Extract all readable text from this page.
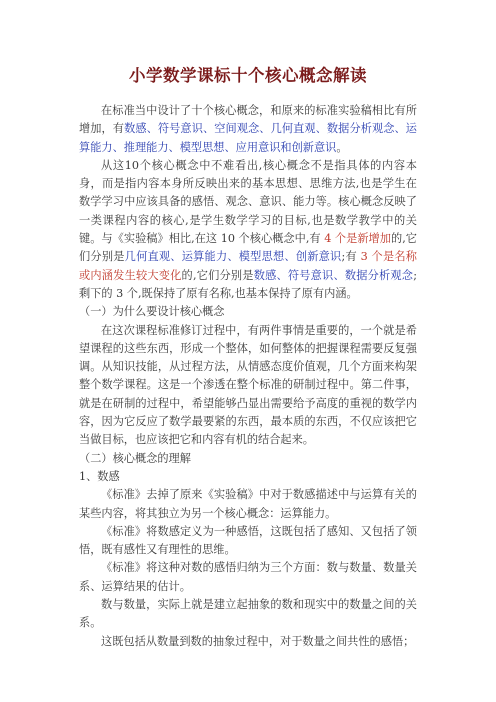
小学数学课标十个核心概念解读

在标准当中设计了十个核心概念，和原来的标准实验稿相比有所增加，有数感、符号意识、空间观念、几何直观、数据分析观念、运算能力、推理能力、模型思想、应用意识和创新意识。

从这10个核心概念中不难看出,核心概念不是指具体的内容本身，而是指内容本身所反映出来的基本思想、思维方法,也是学生在数学学习中应该具备的感悟、观念、意识、能力等。核心概念反映了一类课程内容的核心,是学生数学学习的目标,也是数学教学中的关键。与《实验稿》相比,在这 10 个核心概念中,有 4 个是新增加的,它们分别是几何直观、运算能力、模型思想、创新意识;有 3 个是名称或内涵发生较大变化的,它们分别是数感、符号意识、数据分析观念;剩下的 3 个,既保持了原有名称,也基本保持了原有内涵。

（一）为什么要设计核心概念

在这次课程标准修订过程中，有两件事情是重要的，一个就是希望课程的这些东西，形成一个整体，如何整体的把握课程需要反复强调。从知识技能，从过程方法，从情感态度价值观，几个方面来构架整个数学课程。这是一个渗透在整个标准的研制过程中。第二件事，就是在研制的过程中，希望能够凸显出需要给予高度的重视的数学内容，因为它反应了数学最要紧的东西，最本质的东西，不仅应该把它当做目标，也应该把它和内容有机的结合起来。

（二）核心概念的理解

1、数感

《标准》去掉了原来《实验稿》中对于数感描述中与运算有关的某些内容，将其独立为另一个核心概念：运算能力。

《标准》将数感定义为一种感悟，这既包括了感知、又包括了领悟，既有感性又有理性的思维。

《标准》将这种对数的感悟归纳为三个方面：数与数量、数量关系、运算结果的估计。

数与数量，实际上就是建立起抽象的数和现实中的数量之间的关系。

这既包括从数量到数的抽象过程中，对于数量之间共性的感悟；
